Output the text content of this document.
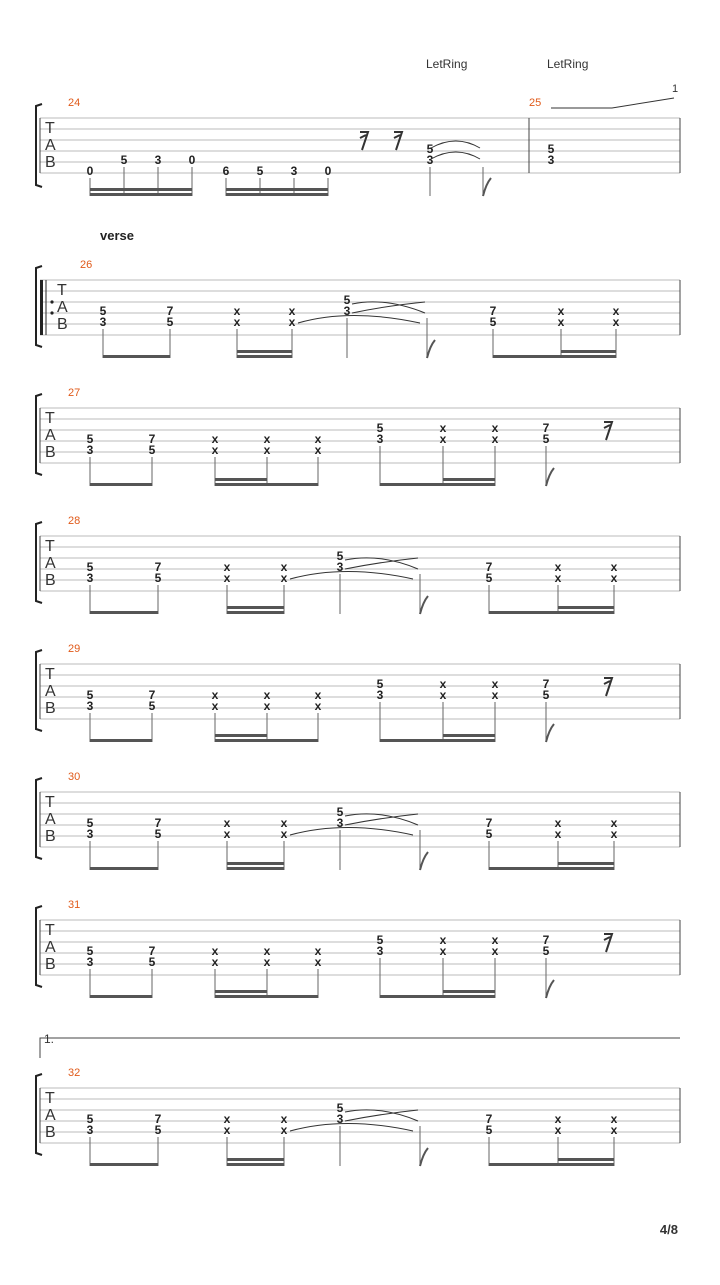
LetRing	LetRing
1
T
A
B
24	25
0
5 3 0
6 5 3 0
5
3
5
3
verse
T
A
B
26
5
3
7
5
x
x
x
x
5
3	7
5
x
x
x
x
T
A
B
27
5
3
7
5
x
x
x
x
x
x
5
3
x
x
x
x
7
5
T
A
B
28
5
3
7
5
x
x
x
x
5
3	7
5
x
x
x
x
T
A
B
29
5
3
7
5
x
x
x
x
x
x
5
3
x
x
x
x
7
5
T
A
B
30
5
3
7
5
x
x
x
x
5
3	7
5
x
x
x
x
T
A
B
31
5
3
7
5
x
x
x
x
x
x
5
3
x
x
x
x
7
5
1.
T
A
B
32
5
3
7
5
x
x
x
x
5
3	7
5
x
x
x
x
4/8
